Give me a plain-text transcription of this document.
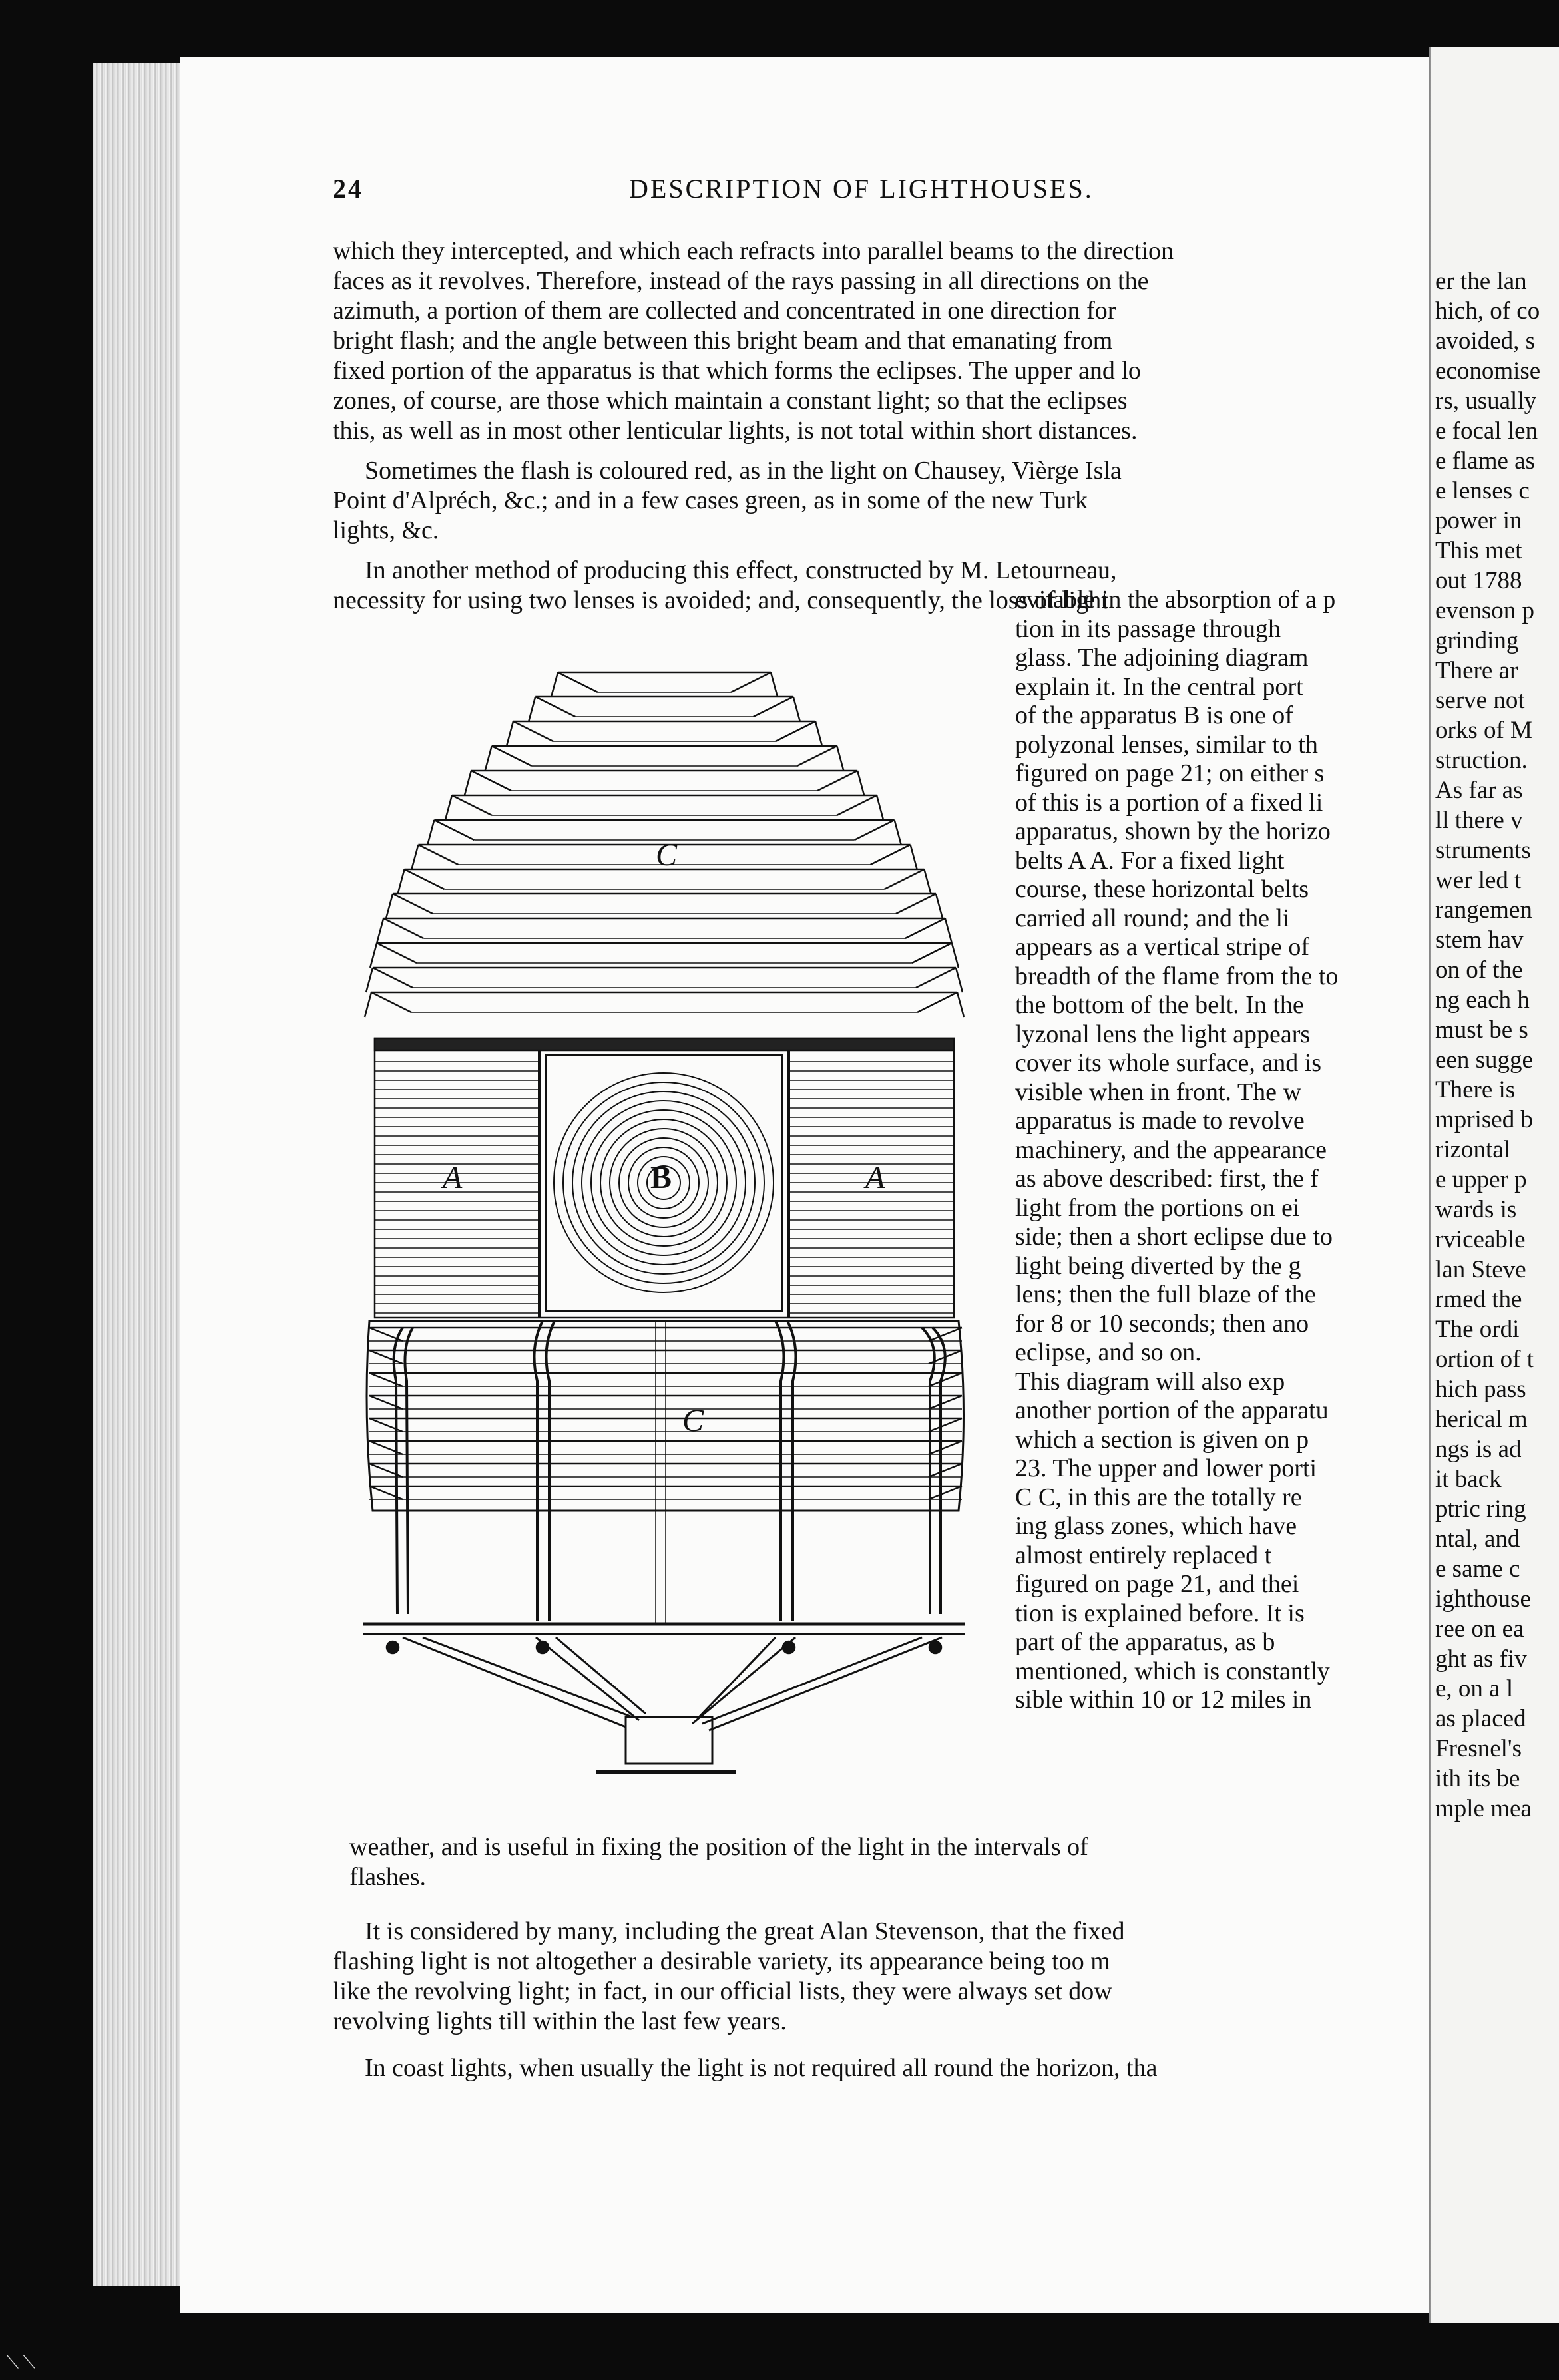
er the lan

hich, of co

avoided, s

economise

rs, usually

e focal len

e flame as

e lenses c

power in

This met

out 1788

evenson p

grinding

There ar

serve not

orks of M

struction.

As far as

ll there v

struments

wer led t

rangemen

stem hav

on of the

ng each h

must be s

een sugge

There is

mprised b

rizontal

e upper p

wards is

rviceable

lan Steve

rmed the

The ordi

ortion of t

hich pass

herical m

ngs is ad

it back

ptric ring

ntal, and

e same c

ighthouse

ree on ea

ght as fiv

e, on a l

as placed

Fresnel's

ith its be

mple mea

24	DESCRIPTION OF LIGHTHOUSES.

which they intercepted, and which each refracts into parallel beams to the direction

faces as it revolves. Therefore, instead of the rays passing in all directions on the

azimuth, a portion of them are collected and concentrated in one direction for

bright flash; and the angle between this bright beam and that emanating from

fixed portion of the apparatus is that which forms the eclipses. The upper and lo

zones, of course, are those which maintain a constant light; so that the eclipses

this, as well as in most other lenticular lights, is not total within short distances.

Sometimes the flash is coloured red, as in the light on Chausey, Vièrge Isla

Point d'Alpréch, &c.; and in a few cases green, as in some of the new Turk

lights, &c.

In another method of producing this effect, constructed by M. Letourneau,

necessity for using two lenses is avoided; and, consequently, the loss of light

evitable in the absorption of a p

tion in its passage through

glass. The adjoining diagram

explain it. In the central port

of the apparatus B is one of

polyzonal lenses, similar to th

figured on page 21; on either s

of this is a portion of a fixed li

apparatus, shown by the horizo

belts A A. For a fixed light

course, these horizontal belts

carried all round; and the li

appears as a vertical stripe of

breadth of the flame from the to

the bottom of the belt. In the

lyzonal lens the light appears

cover its whole surface, and is

visible when in front. The w

apparatus is made to revolve

machinery, and the appearance

as above described: first, the f

light from the portions on ei

side; then a short eclipse due to

light being diverted by the g

lens; then the full blaze of the

for 8 or 10 seconds; then ano

eclipse, and so on.

This diagram will also exp

another portion of the apparatu

which a section is given on p

23. The upper and lower porti

C C, in this are the totally re

ing glass zones, which have

almost entirely replaced t

figured on page 21, and thei

tion is explained before. It is

part of the apparatus, as b

mentioned, which is constantly

sible within 10 or 12 miles in

C
A	B	A
C

weather, and is useful in fixing the position of the light in the intervals of

flashes.

It is considered by many, including the great Alan Stevenson, that the fixed

flashing light is not altogether a desirable variety, its appearance being too m

like the revolving light; in fact, in our official lists, they were always set dow

revolving lights till within the last few years.

In coast lights, when usually the light is not required all round the horizon, tha

⟍ ⟍
